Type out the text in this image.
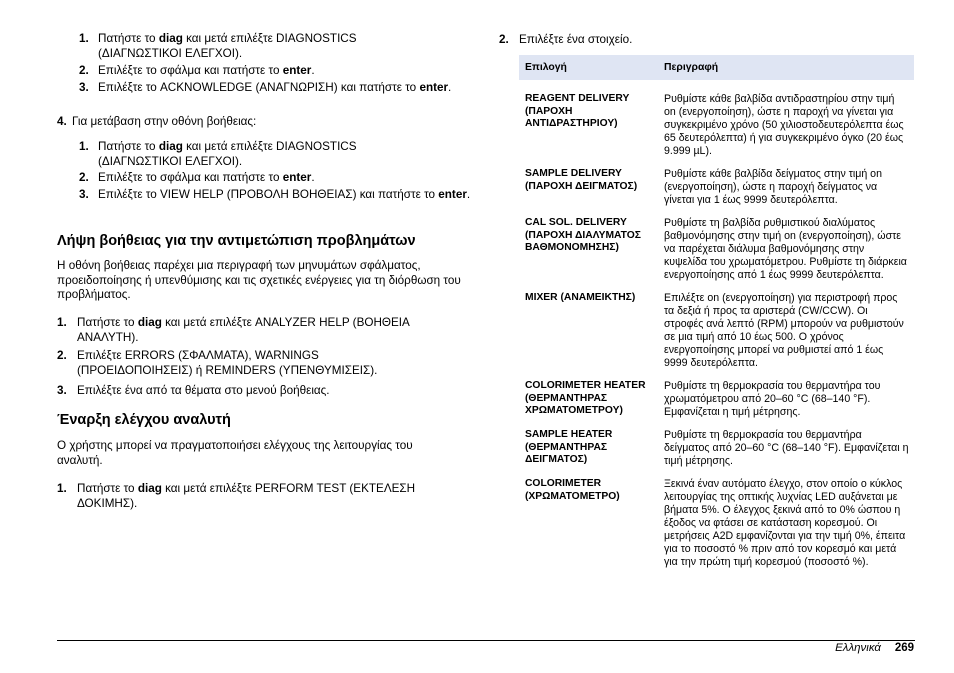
1. Πατήστε το diag και μετά επιλέξτε DIAGNOSTICS (ΔΙΑΓΝΩΣΤΙΚΟΙ ΕΛΕΓΧΟΙ).
2. Επιλέξτε το σφάλμα και πατήστε το enter.
3. Επιλέξτε το ACKNOWLEDGE (ΑΝΑΓΝΩΡΙΣΗ) και πατήστε το enter.
4. Για μετάβαση στην οθόνη βοήθειας:
1. Πατήστε το diag και μετά επιλέξτε DIAGNOSTICS (ΔΙΑΓΝΩΣΤΙΚΟΙ ΕΛΕΓΧΟΙ).
2. Επιλέξτε το σφάλμα και πατήστε το enter.
3. Επιλέξτε το VIEW HELP (ΠΡΟΒΟΛΗ ΒΟΗΘΕΙΑΣ) και πατήστε το enter.
Λήψη βοήθειας για την αντιμετώπιση προβλημάτων

Η οθόνη βοήθειας παρέχει μια περιγραφή των μηνυμάτων σφάλματος, προειδοποίησης ή υπενθύμισης και τις σχετικές ενέργειες για τη διόρθωση του προβλήματος.

1. Πατήστε το diag και μετά επιλέξτε ANALYZER HELP (ΒΟΗΘΕΙΑ ΑΝΑΛΥΤΗ).
2. Επιλέξτε ERRORS (ΣΦΑΛΜΑΤΑ), WARNINGS (ΠΡΟΕΙΔΟΠΟΙΗΣΕΙΣ) ή REMINDERS (ΥΠΕΝΘΥΜΙΣΕΙΣ).
3. Επιλέξτε ένα από τα θέματα στο μενού βοήθειας.
Έναρξη ελέγχου αναλυτή

Ο χρήστης μπορεί να πραγματοποιήσει ελέγχους της λειτουργίας του αναλυτή.

1. Πατήστε το diag και μετά επιλέξτε PERFORM TEST (ΕΚΤΕΛΕΣΗ ΔΟΚΙΜΗΣ).
2. Επιλέξτε ένα στοιχείο.
Επιλογή	Περιγραφή
REAGENT DELIVERY (ΠΑΡΟΧΗ ΑΝΤΙΔΡΑΣΤΗΡΙΟΥ)	Ρυθμίστε κάθε βαλβίδα αντιδραστηρίου στην τιμή on (ενεργοποίηση), ώστε η παροχή να γίνεται για συγκεκριμένο χρόνο (50 χιλιοστοδευτερόλεπτα έως 65 δευτερόλεπτα) ή για συγκεκριμένο όγκο (20 έως 9.999 µL).
SAMPLE DELIVERY (ΠΑΡΟΧΗ ΔΕΙΓΜΑΤΟΣ)	Ρυθμίστε κάθε βαλβίδα δείγματος στην τιμή on (ενεργοποίηση), ώστε η παροχή δείγματος να γίνεται για 1 έως 9999 δευτερόλεπτα.
CAL SOL. DELIVERY (ΠΑΡΟΧΗ ΔΙΑΛΥΜΑΤΟΣ ΒΑΘΜΟΝΟΜΗΣΗΣ)	Ρυθμίστε τη βαλβίδα ρυθμιστικού διαλύματος βαθμονόμησης στην τιμή on (ενεργοποίηση), ώστε να παρέχεται διάλυμα βαθμονόμησης στην κυψελίδα του χρωματόμετρου. Ρυθμίστε τη διάρκεια ενεργοποίησης από 1 έως 9999 δευτερόλεπτα.
MIXER (ΑΝΑΜΕΙΚΤΗΣ)	Επιλέξτε on (ενεργοποίηση) για περιστροφή προς τα δεξιά ή προς τα αριστερά (CW/CCW). Οι στροφές ανά λεπτό (RPM) μπορούν να ρυθμιστούν σε μια τιμή από 10 έως 500. Ο χρόνος ενεργοποίησης μπορεί να ρυθμιστεί από 1 έως 9999 δευτερόλεπτα.
COLORIMETER HEATER (ΘΕΡΜΑΝΤΗΡΑΣ ΧΡΩΜΑΤΟΜΕΤΡΟΥ)	Ρυθμίστε τη θερμοκρασία του θερμαντήρα του χρωματόμετρου από 20–60 °C (68–140 °F). Εμφανίζεται η τιμή μέτρησης.
SAMPLE HEATER (ΘΕΡΜΑΝΤΗΡΑΣ ΔΕΙΓΜΑΤΟΣ)	Ρυθμίστε τη θερμοκρασία του θερμαντήρα δείγματος από 20–60 °C (68–140 °F). Εμφανίζεται η τιμή μέτρησης.
COLORIMETER (ΧΡΩΜΑΤΟΜΕΤΡΟ)	Ξεκινά έναν αυτόματο έλεγχο, στον οποίο ο κύκλος λειτουργίας της οπτικής λυχνίας LED αυξάνεται με βήματα 5%. Ο έλεγχος ξεκινά από το 0% ώσπου η έξοδος να φτάσει σε κατάσταση κορεσμού. Οι μετρήσεις A2D εμφανίζονται για την τιμή 0%, έπειτα για το ποσοστό % πριν από τον κορεσμό και μετά για την πρώτη τιμή κορεσμού (ποσοστό %).
Ελληνικά 269
